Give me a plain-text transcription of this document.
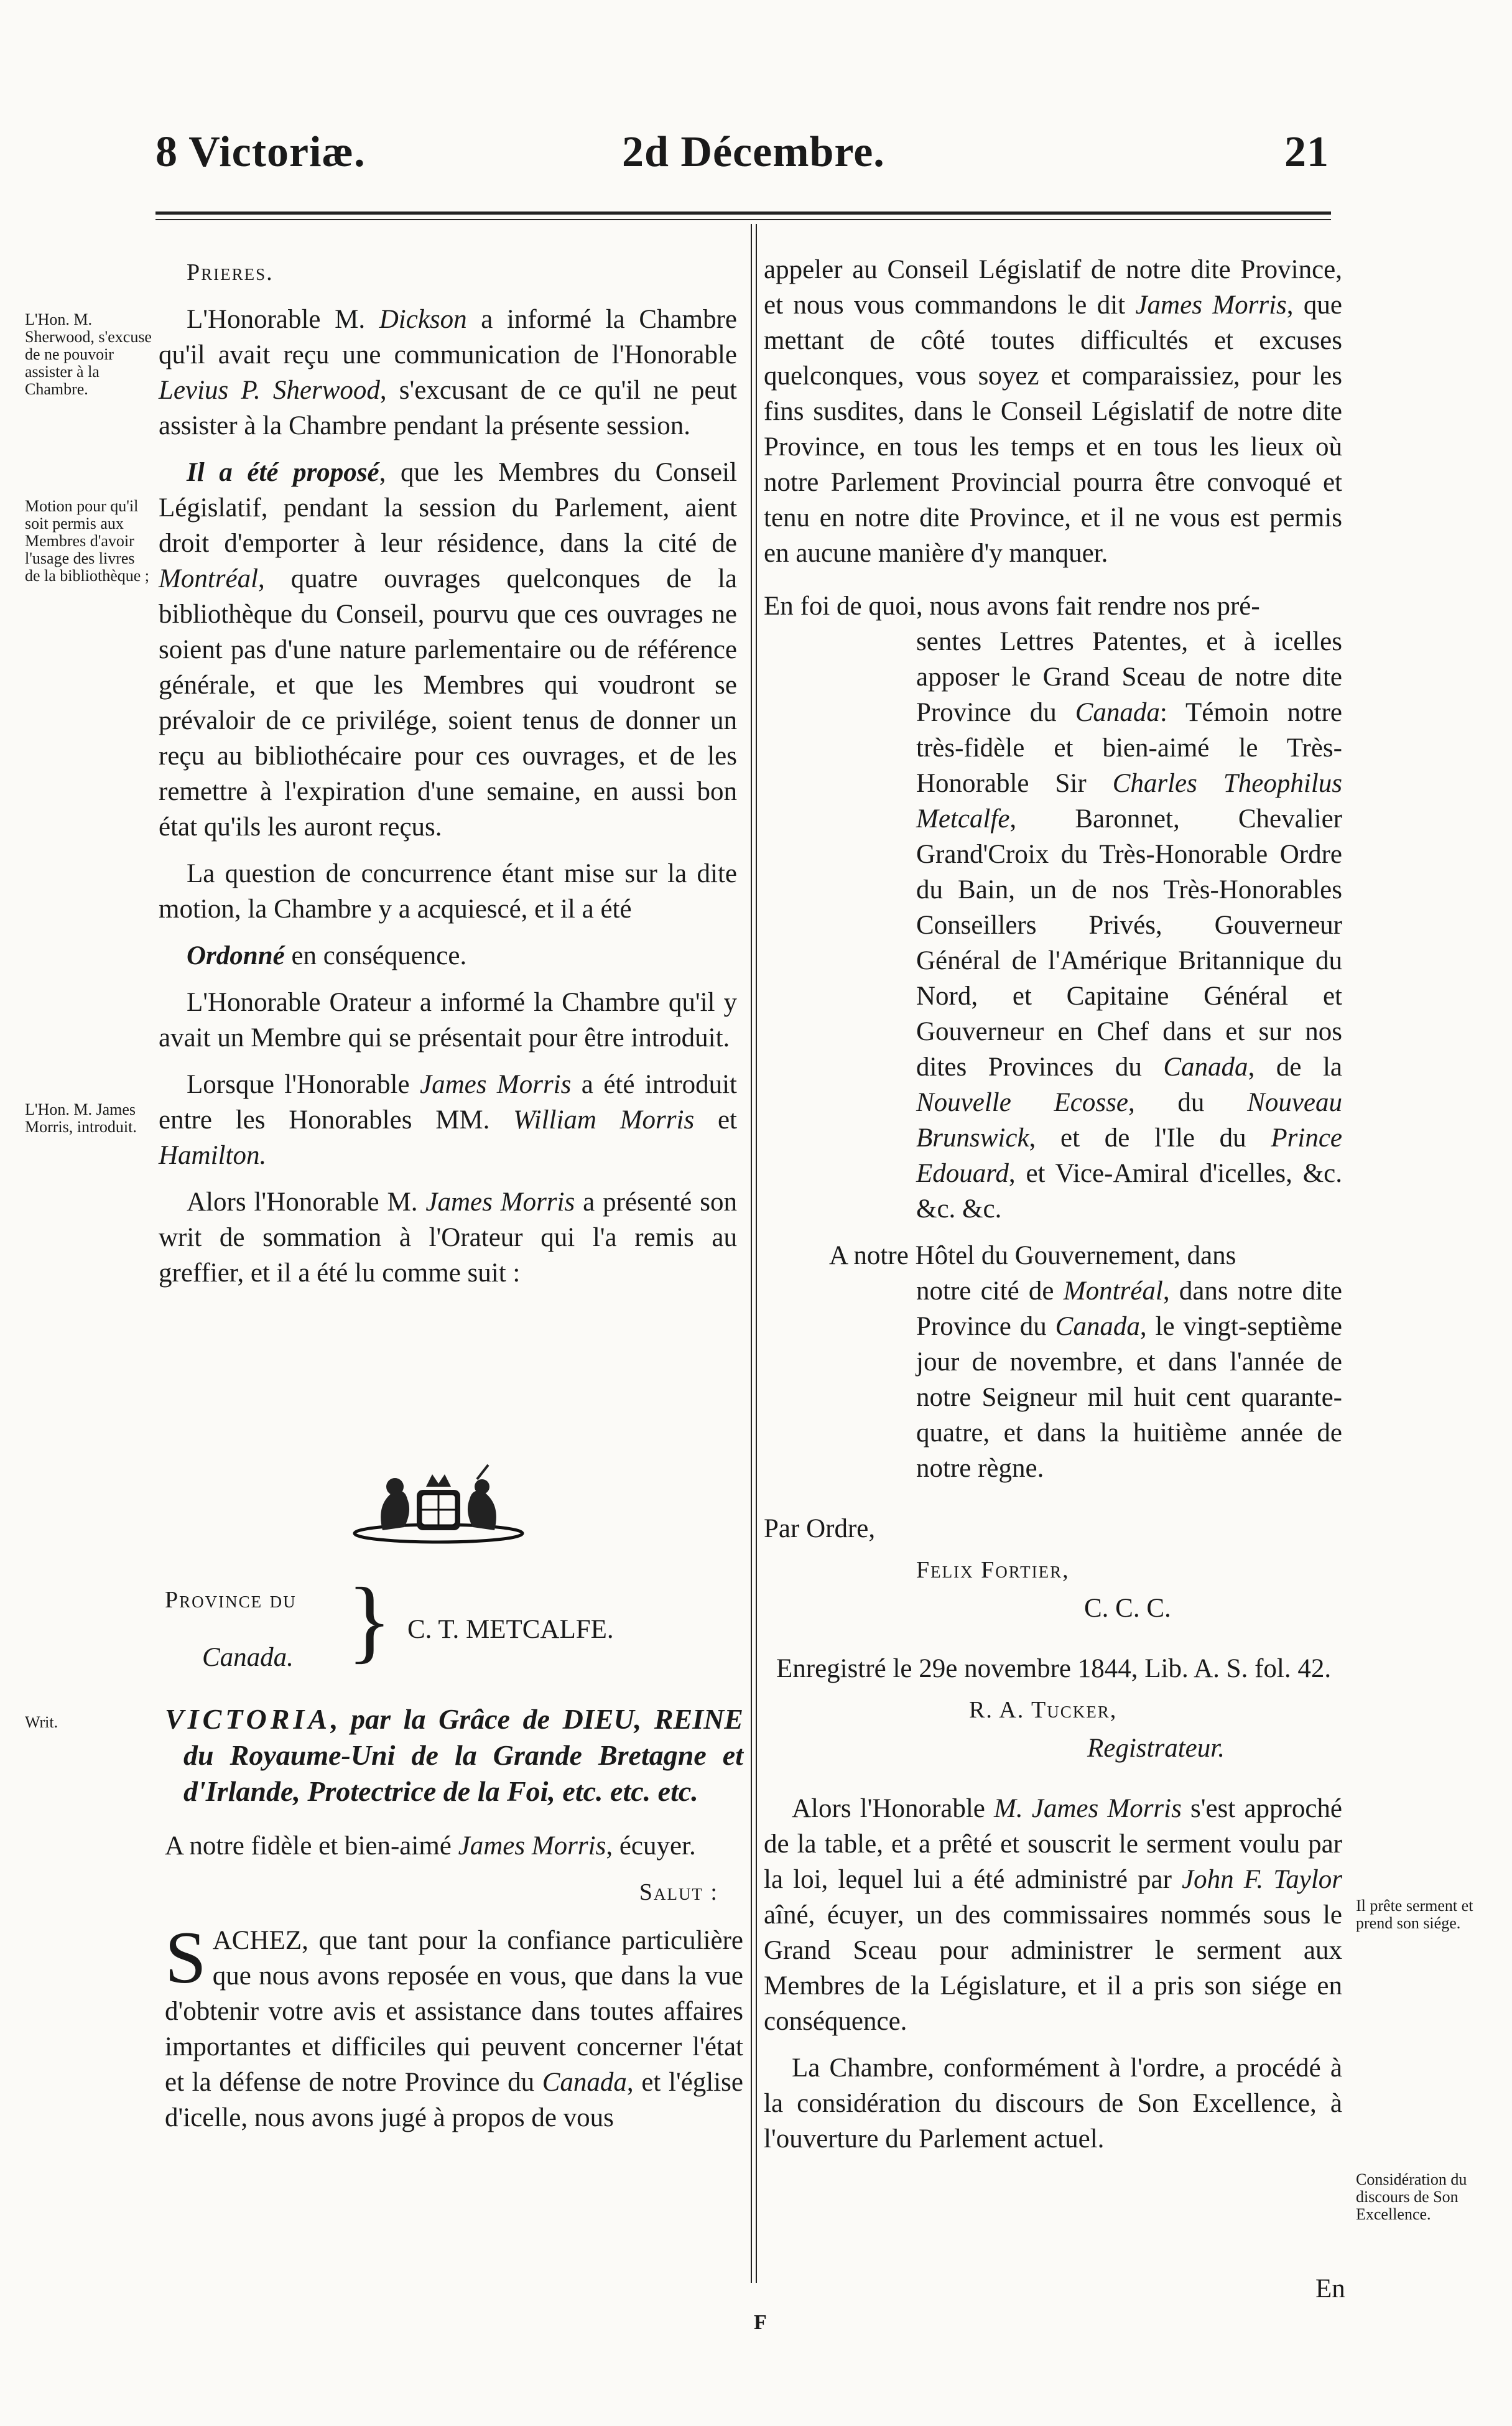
8 Victoriæ.	2d Décembre.	21
L'Hon. M. Sherwood, s'excuse de ne pouvoir assister à la Chambre.
Motion pour qu'il soit permis aux Membres d'avoir l'usage des livres de la bibliothèque ;
L'Hon. M. James Morris, introduit.
Writ.
Il prête serment et prend son siége.
Considération du discours de Son Excellence.

Prieres.

L'Honorable M. Dickson a informé la Chambre qu'il avait reçu une communication de l'Honorable Levius P. Sherwood, s'excusant de ce qu'il ne peut assister à la Chambre pendant la présente session.

Il a été proposé, que les Membres du Conseil Législatif, pendant la session du Parlement, aient droit d'emporter à leur résidence, dans la cité de Montréal, quatre ouvrages quelconques de la bibliothèque du Conseil, pourvu que ces ouvrages ne soient pas d'une nature parlementaire ou de référence générale, et que les Membres qui voudront se prévaloir de ce privilége, soient tenus de donner un reçu au bibliothécaire pour ces ouvrages, et de les remettre à l'expiration d'une semaine, en aussi bon état qu'ils les auront reçus.

La question de concurrence étant mise sur la dite motion, la Chambre y a acquiescé, et il a été

Ordonné en conséquence.

L'Honorable Orateur a informé la Chambre qu'il y avait un Membre qui se présentait pour être introduit.

Lorsque l'Honorable James Morris a été introduit entre les Honorables MM. William Morris et Hamilton.

Alors l'Honorable M. James Morris a présenté son writ de sommation à l'Orateur qui l'a remis au greffier, et il a été lu comme suit :

Province du
Canada. } C. T. METCALFE.

VICTORIA, par la Grâce de DIEU, REINE du Royaume-Uni de la Grande Bretagne et d'Irlande, Protectrice de la Foi, etc. etc. etc.

A notre fidèle et bien-aimé James Morris, écuyer.

Salut :

SACHEZ, que tant pour la confiance particulière que nous avons reposée en vous, que dans la vue d'obtenir votre avis et assistance dans toutes affaires importantes et difficiles qui peuvent concerner l'état et la défense de notre Province du Canada, et l'église d'icelle, nous avons jugé à propos de vous

appeler au Conseil Législatif de notre dite Province, et nous vous commandons le dit James Morris, que mettant de côté toutes difficultés et excuses quelconques, vous soyez et comparaissiez, pour les fins susdites, dans le Conseil Législatif de notre dite Province, en tous les temps et en tous les lieux où notre Parlement Provincial pourra être convoqué et tenu en notre dite Province, et il ne vous est permis en aucune manière d'y manquer.

En foi de quoi, nous avons fait rendre nos pré-
sentes Lettres Patentes, et à icelles apposer le Grand Sceau de notre dite Province du Canada: Témoin notre très-fidèle et bien-aimé le Très-Honorable Sir Charles Theophilus Metcalfe, Baronnet, Chevalier Grand'Croix du Très-Honorable Ordre du Bain, un de nos Très-Honorables Conseillers Privés, Gouverneur Général de l'Amérique Britannique du Nord, et Capitaine Général et Gouverneur en Chef dans et sur nos dites Provinces du Canada, de la Nouvelle Ecosse, du Nouveau Brunswick, et de l'Ile du Prince Edouard, et Vice-Amiral d'icelles, &c. &c. &c.

A notre Hôtel du Gouvernement, dans
notre cité de Montréal, dans notre dite Province du Canada, le vingt-septième jour de novembre, et dans l'année de notre Seigneur mil huit cent quarante-quatre, et dans la huitième année de notre règne.

Par Ordre,

Felix Fortier,

C. C. C.

Enregistré le 29e novembre 1844, Lib. A. S. fol. 42.

R. A. Tucker,

Registrateur.

Alors l'Honorable M. James Morris s'est approché de la table, et a prêté et souscrit le serment voulu par la loi, lequel lui a été administré par John F. Taylor aîné, écuyer, un des commissaires nommés sous le Grand Sceau pour administrer le serment aux Membres de la Législature, et il a pris son siége en conséquence.

La Chambre, conformément à l'ordre, a procédé à la considération du discours de Son Excellence, à l'ouverture du Parlement actuel.

En
F
